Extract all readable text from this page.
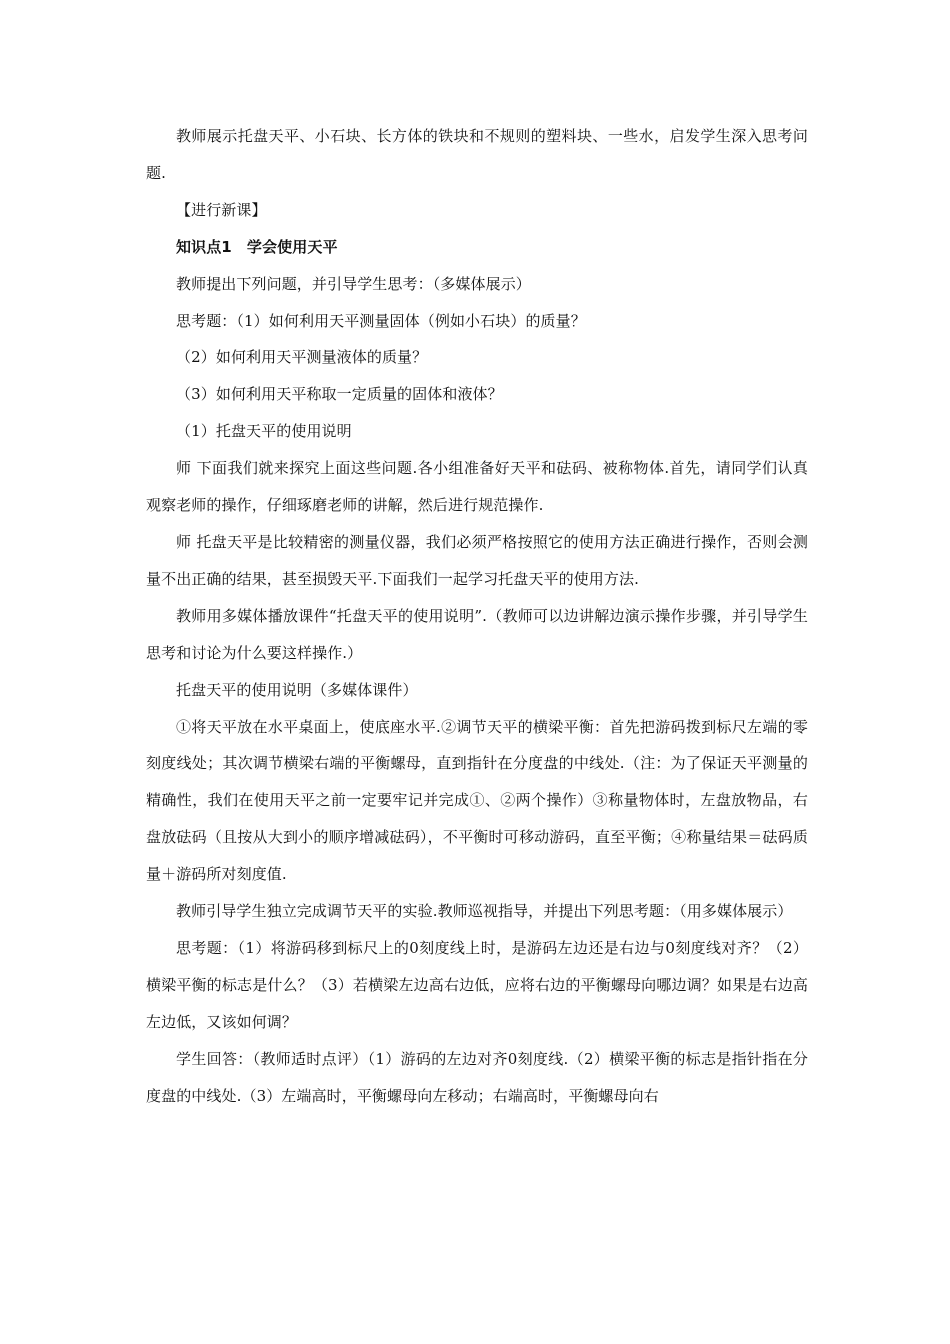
教师展示托盘天平、小石块、长方体的铁块和不规则的塑料块、一些水，启发学生深入思考问题.

【进行新课】

知识点1　学会使用天平

教师提出下列问题，并引导学生思考：（多媒体展示）

思考题：（1）如何利用天平测量固体（例如小石块）的质量？

（2）如何利用天平测量液体的质量？

（3）如何利用天平称取一定质量的固体和液体？

（1）托盘天平的使用说明

师 下面我们就来探究上面这些问题.各小组准备好天平和砝码、被称物体.首先，请同学们认真观察老师的操作，仔细琢磨老师的讲解，然后进行规范操作.

师 托盘天平是比较精密的测量仪器，我们必须严格按照它的使用方法正确进行操作，否则会测量不出正确的结果，甚至损毁天平.下面我们一起学习托盘天平的使用方法.

教师用多媒体播放课件“托盘天平的使用说明”.（教师可以边讲解边演示操作步骤，并引导学生思考和讨论为什么要这样操作.）

托盘天平的使用说明（多媒体课件）

①将天平放在水平桌面上，使底座水平.②调节天平的横梁平衡：首先把游码拨到标尺左端的零刻度线处；其次调节横梁右端的平衡螺母，直到指针在分度盘的中线处.（注：为了保证天平测量的精确性，我们在使用天平之前一定要牢记并完成①、②两个操作）③称量物体时，左盘放物品，右盘放砝码（且按从大到小的顺序增减砝码），不平衡时可移动游码，直至平衡；④称量结果＝砝码质量＋游码所对刻度值.

教师引导学生独立完成调节天平的实验.教师巡视指导，并提出下列思考题：（用多媒体展示）

思考题：（1）将游码移到标尺上的0刻度线上时，是游码左边还是右边与0刻度线对齐？（2）横梁平衡的标志是什么？（3）若横梁左边高右边低，应将右边的平衡螺母向哪边调？如果是右边高左边低，又该如何调？

学生回答：（教师适时点评）（1）游码的左边对齐0刻度线.（2）横梁平衡的标志是指针指在分度盘的中线处.（3）左端高时，平衡螺母向左移动；右端高时，平衡螺母向右
